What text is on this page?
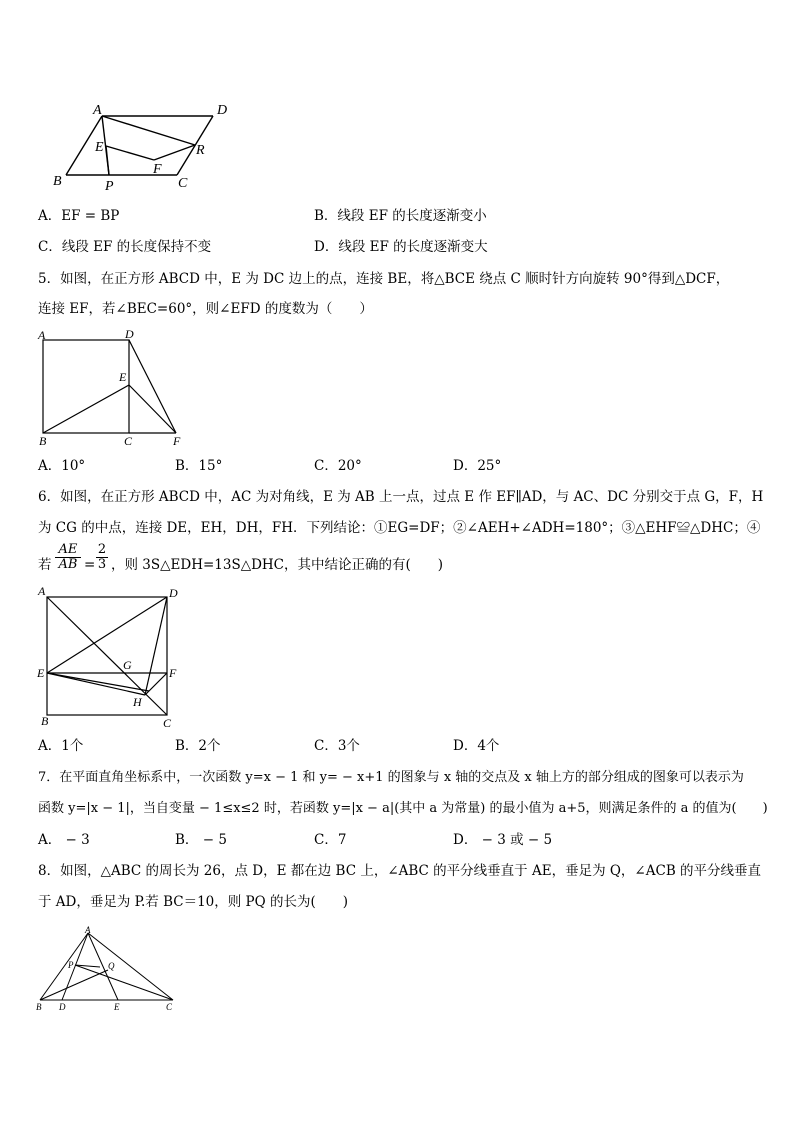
A	D
E	R
F
B	P	C
A．EF = BP	B．线段 EF 的长度逐渐变小
C．线段 EF 的长度保持不变	D．线段 EF 的长度逐渐变大
5．如图，在正方形 ABCD 中，E 为 DC 边上的点，连接 BE，将△BCE 绕点 C 顺时针方向旋转 90°得到△DCF，
连接 EF，若∠BEC=60°，则∠EFD 的度数为（　　）
A	D
E
B	C	F
A．10°	B．15°	C．20°	D．25°
6．如图，在正方形 ABCD 中，AC 为对角线，E 为 AB 上一点，过点 E 作 EF∥AD，与 AC、DC 分别交于点 G，F，H
为 CG 的中点，连接 DE，EH，DH，FH．下列结论：①EG=DF；②∠AEH+∠ADH=180°；③△EHF≌△DHC；④
若
AE
AB =
2
3 ，则 3S△EDH=13S△DHC，其中结论正确的有(　　)
A	D
E
G
F
H
B	C
A．1个	B．2个	C．3个	D．4个
7．在平面直角坐标系中，一次函数 y=x − 1 和 y= − x+1 的图象与 x 轴的交点及 x 轴上方的部分组成的图象可以表示为
函数 y=|x − 1|，当自变量 − 1≤x≤2 时，若函数 y=|x − a|(其中 a 为常量) 的最小值为 a+5，则满足条件的 a 的值为(　　)
A． − 3	B． − 5	C．7	D． − 3 或 − 5
8．如图，△ABC 的周长为 26，点 D，E 都在边 BC 上，∠ABC 的平分线垂直于 AE，垂足为 Q，∠ACB 的平分线垂直
于 AD，垂足为 P.若 BC＝10，则 PQ 的长为(　　)
A
P	Q
B D	E	C
